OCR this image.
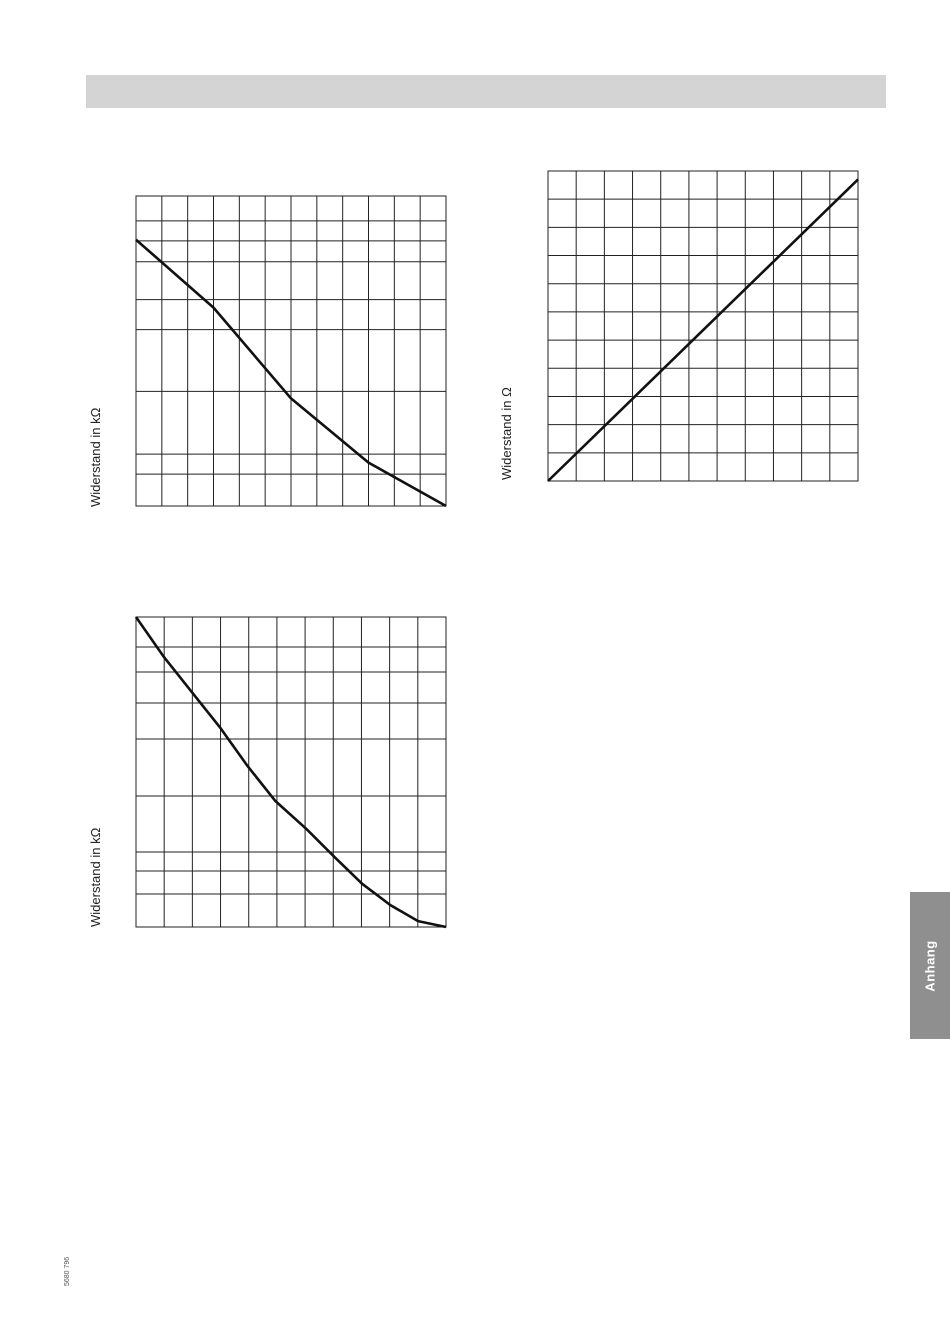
Widerstand in kΩ
Widerstand in kΩ
Widerstand in Ω
Anhang
5680 796
